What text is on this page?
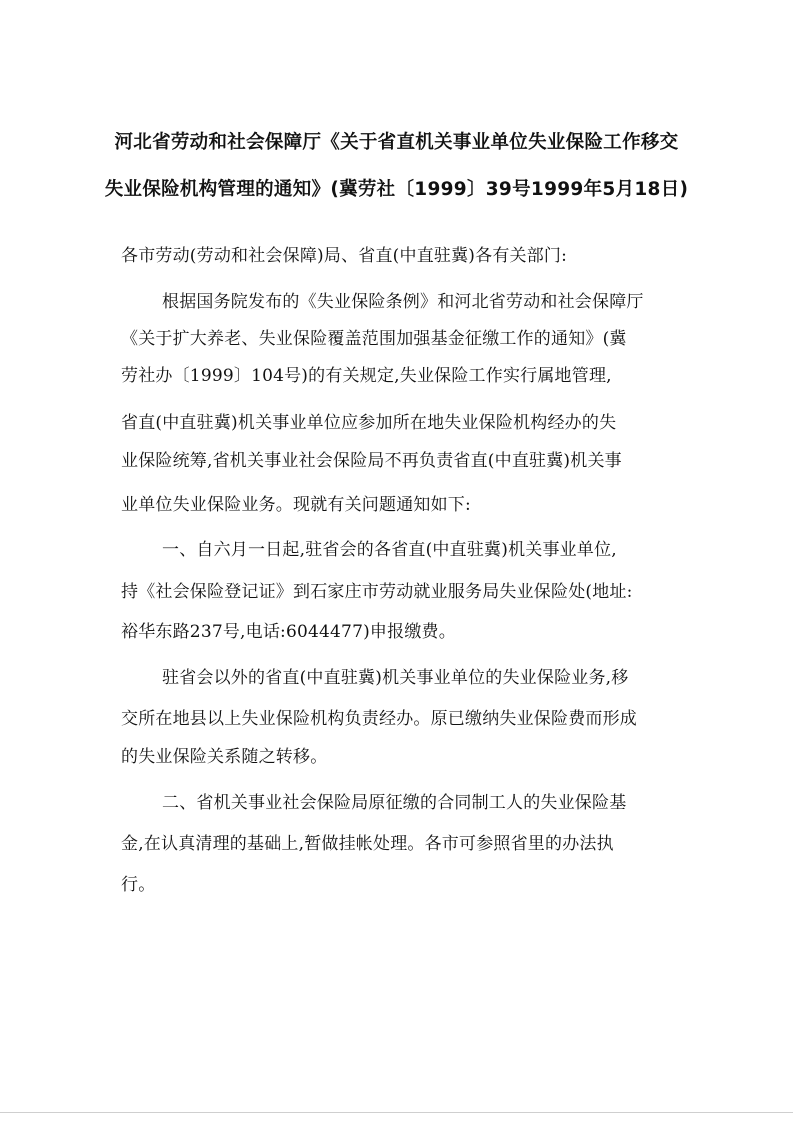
河北省劳动和社会保障厅《关于省直机关事业单位失业保险工作移交
失业保险机构管理的通知》(冀劳社〔1999〕39号1999年5月18日)
各市劳动(劳动和社会保障)局、省直(中直驻冀)各有关部门:
根据国务院发布的《失业保险条例》和河北省劳动和社会保障厅
《关于扩大养老、失业保险覆盖范围加强基金征缴工作的通知》(冀
劳社办〔1999〕104号)的有关规定,失业保险工作实行属地管理,
省直(中直驻冀)机关事业单位应参加所在地失业保险机构经办的失
业保险统筹,省机关事业社会保险局不再负责省直(中直驻冀)机关事
业单位失业保险业务。现就有关问题通知如下:
一、自六月一日起,驻省会的各省直(中直驻冀)机关事业单位,
持《社会保险登记证》到石家庄市劳动就业服务局失业保险处(地址:
裕华东路237号,电话:6044477)申报缴费。
驻省会以外的省直(中直驻冀)机关事业单位的失业保险业务,移
交所在地县以上失业保险机构负责经办。原已缴纳失业保险费而形成
的失业保险关系随之转移。
二、省机关事业社会保险局原征缴的合同制工人的失业保险基
金,在认真清理的基础上,暂做挂帐处理。各市可参照省里的办法执
行。
